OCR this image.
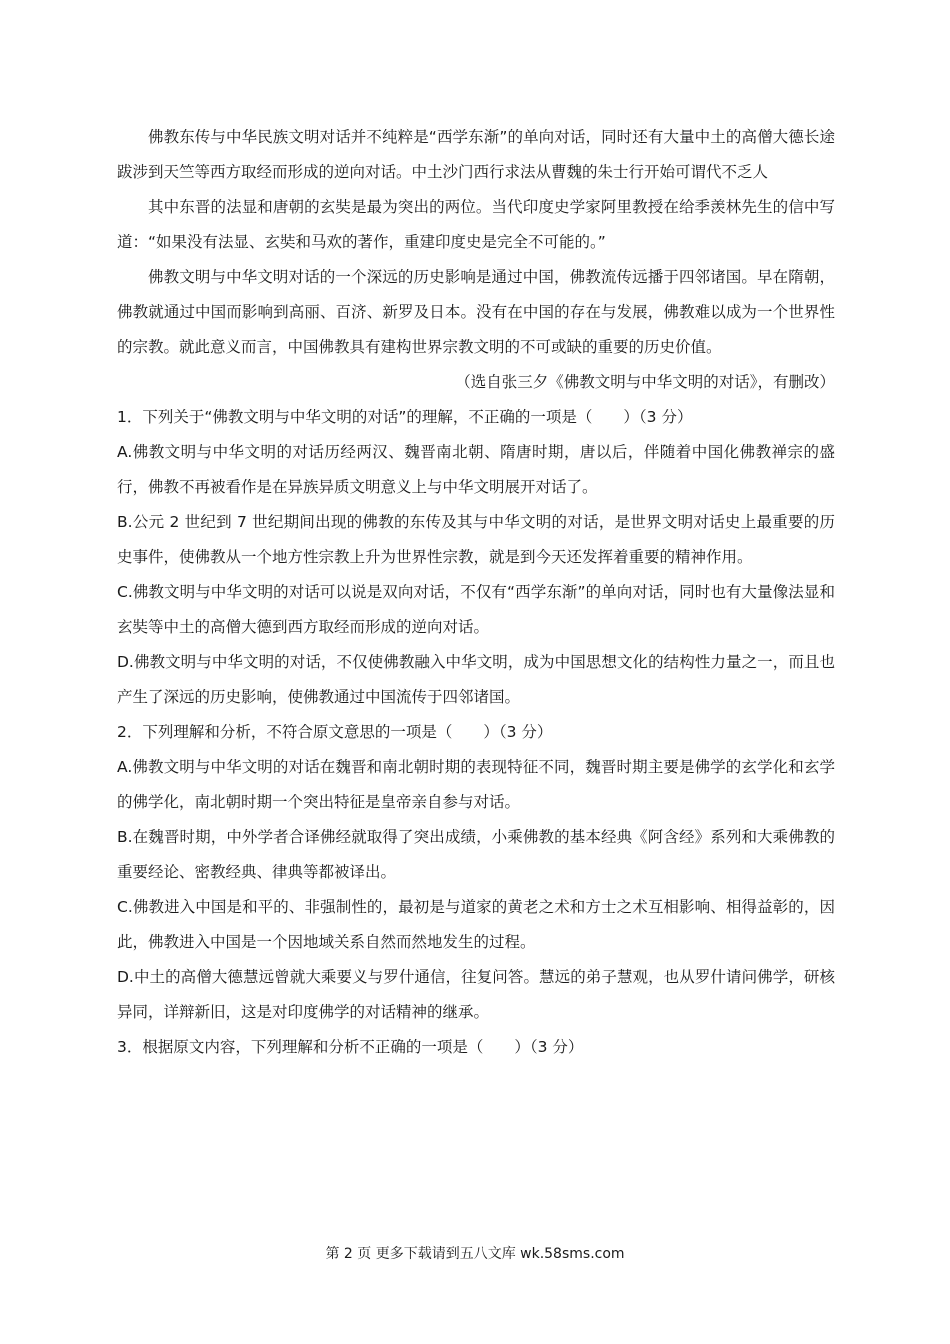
佛教东传与中华民族文明对话并不纯粹是“西学东渐”的单向对话，同时还有大量中土的高僧大德长途跋涉到天竺等西方取经而形成的逆向对话。中土沙门西行求法从曹魏的朱士行开始可谓代不乏人

其中东晋的法显和唐朝的玄奘是最为突出的两位。当代印度史学家阿里教授在给季羡林先生的信中写道：“如果没有法显、玄奘和马欢的著作，重建印度史是完全不可能的。”

佛教文明与中华文明对话的一个深远的历史影响是通过中国，佛教流传远播于四邻诸国。早在隋朝，佛教就通过中国而影响到高丽、百济、新罗及日本。没有在中国的存在与发展，佛教难以成为一个世界性的宗教。就此意义而言，中国佛教具有建构世界宗教文明的不可或缺的重要的历史价值。

（选自张三夕《佛教文明与中华文明的对话》，有删改）

1．下列关于“佛教文明与中华文明的对话”的理解，不正确的一项是（　　）（3 分）

A.佛教文明与中华文明的对话历经两汉、魏晋南北朝、隋唐时期，唐以后，伴随着中国化佛教禅宗的盛行，佛教不再被看作是在异族异质文明意义上与中华文明展开对话了。

B.公元 2 世纪到 7 世纪期间出现的佛教的东传及其与中华文明的对话，是世界文明对话史上最重要的历史事件，使佛教从一个地方性宗教上升为世界性宗教，就是到今天还发挥着重要的精神作用。

C.佛教文明与中华文明的对话可以说是双向对话，不仅有“西学东渐”的单向对话，同时也有大量像法显和玄奘等中土的高僧大德到西方取经而形成的逆向对话。

D.佛教文明与中华文明的对话，不仅使佛教融入中华文明，成为中国思想文化的结构性力量之一，而且也产生了深远的历史影响，使佛教通过中国流传于四邻诸国。

2．下列理解和分析，不符合原文意思的一项是（　　）（3 分）

A.佛教文明与中华文明的对话在魏晋和南北朝时期的表现特征不同，魏晋时期主要是佛学的玄学化和玄学的佛学化，南北朝时期一个突出特征是皇帝亲自参与对话。

B.在魏晋时期，中外学者合译佛经就取得了突出成绩，小乘佛教的基本经典《阿含经》系列和大乘佛教的重要经论、密教经典、律典等都被译出。

C.佛教进入中国是和平的、非强制性的，最初是与道家的黄老之术和方士之术互相影响、相得益彰的，因此，佛教进入中国是一个因地域关系自然而然地发生的过程。

D.中土的高僧大德慧远曾就大乘要义与罗什通信，往复问答。慧远的弟子慧观，也从罗什请问佛学，研核异同，详辩新旧，这是对印度佛学的对话精神的继承。

3．根据原文内容，下列理解和分析不正确的一项是（　　）（3 分）

第 2 页 更多下载请到五八文库 wk.58sms.com
